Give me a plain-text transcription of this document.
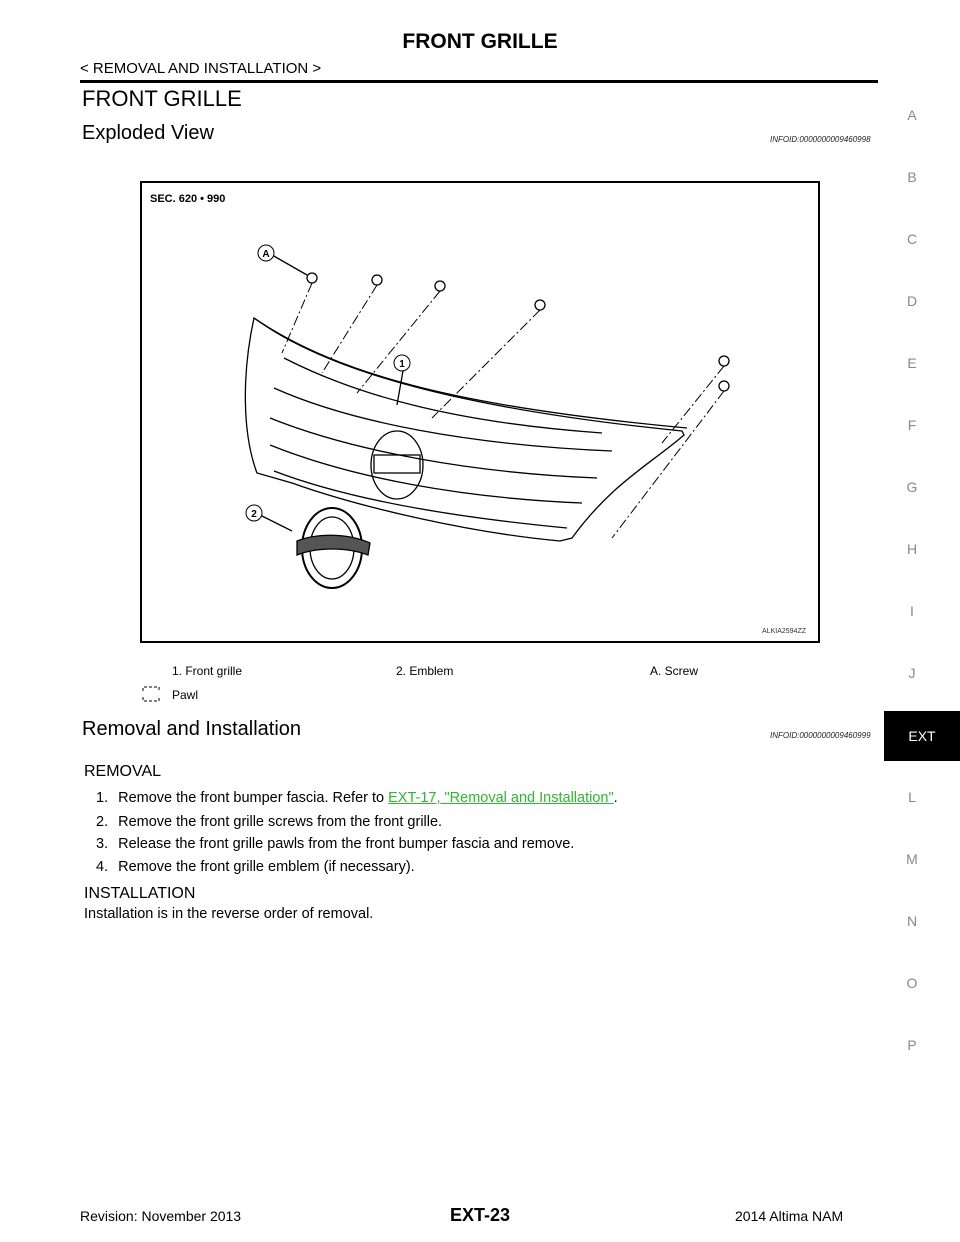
FRONT GRILLE
< REMOVAL AND INSTALLATION >
FRONT GRILLE
Exploded View	INFOID:0000000009460998
SEC. 620 • 990
A
1
2
ALKIA2594ZZ
1. Front grille	2. Emblem	A. Screw
Pawl
Removal and Installation	INFOID:0000000009460999
REMOVAL
1. Remove the front bumper fascia. Refer to EXT-17, "Removal and Installation".
2. Remove the front grille screws from the front grille.
3. Release the front grille pawls from the front bumper fascia and remove.
4. Remove the front grille emblem (if necessary).
INSTALLATION
Installation is in the reverse order of removal.
A
B
C
D
E
F
G
H
I
J
EXT
L
M
N
O
P
Revision: November 2013	EXT-23	2014 Altima NAM
